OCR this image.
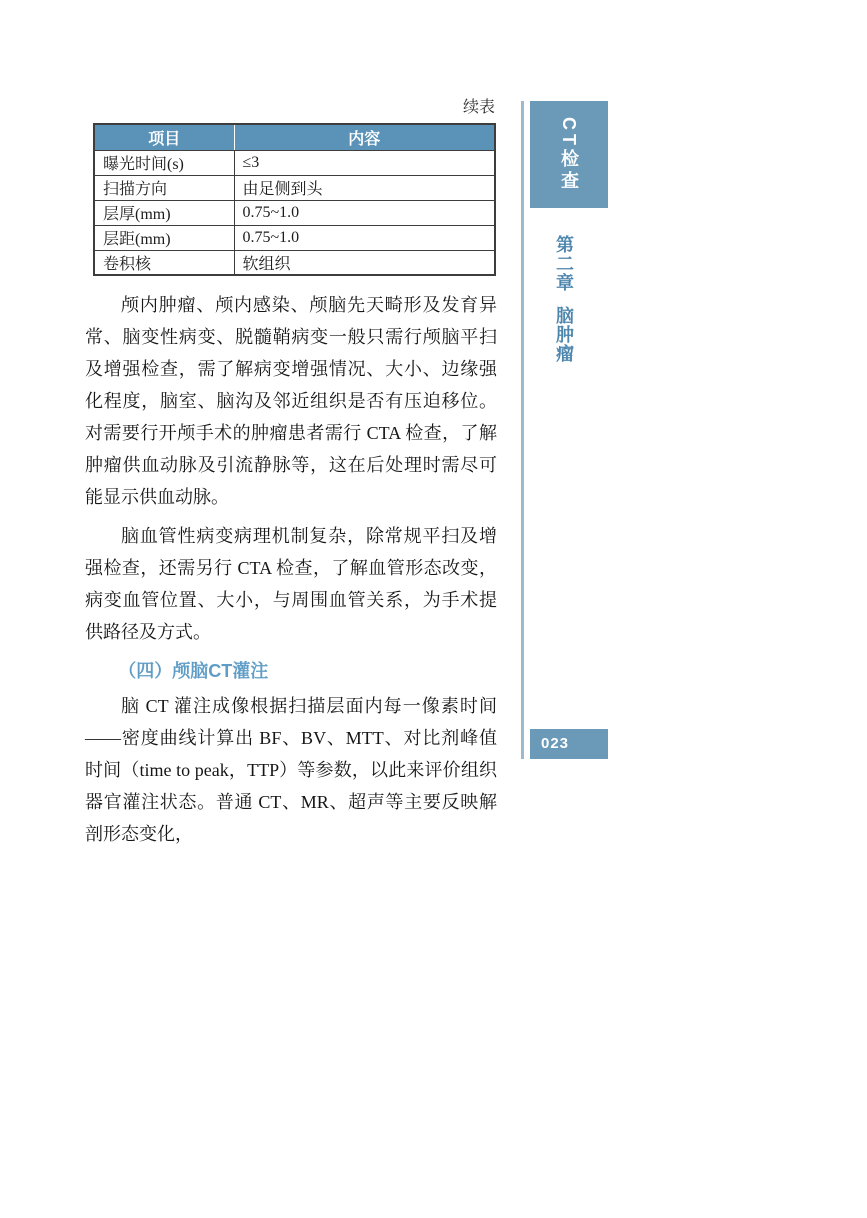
续表
项目	内容
曝光时间(s)	≤3
扫描方向	由足侧到头
层厚(mm)	0.75~1.0
层距(mm)	0.75~1.0
卷积核	软组织

颅内肿瘤、颅内感染、颅脑先天畸形及发育异常、脑变性病变、脱髓鞘病变一般只需行颅脑平扫及增强检查，需了解病变增强情况、大小、边缘强化程度，脑室、脑沟及邻近组织是否有压迫移位。对需要行开颅手术的肿瘤患者需行 CTA 检查，了解肿瘤供血动脉及引流静脉等，这在后处理时需尽可能显示供血动脉。

脑血管性病变病理机制复杂，除常规平扫及增强检查，还需另行 CTA 检查，了解血管形态改变，病变血管位置、大小，与周围血管关系，为手术提供路径及方式。

（四）颅脑CT灌注

脑 CT 灌注成像根据扫描层面内每一像素时间——密度曲线计算出 BF、BV、MTT、对比剂峰值时间（time to peak，TTP）等参数，以此来评价组织器官灌注状态。普通 CT、MR、超声等主要反映解剖形态变化，

CT检查
第二章
脑肿瘤
023
